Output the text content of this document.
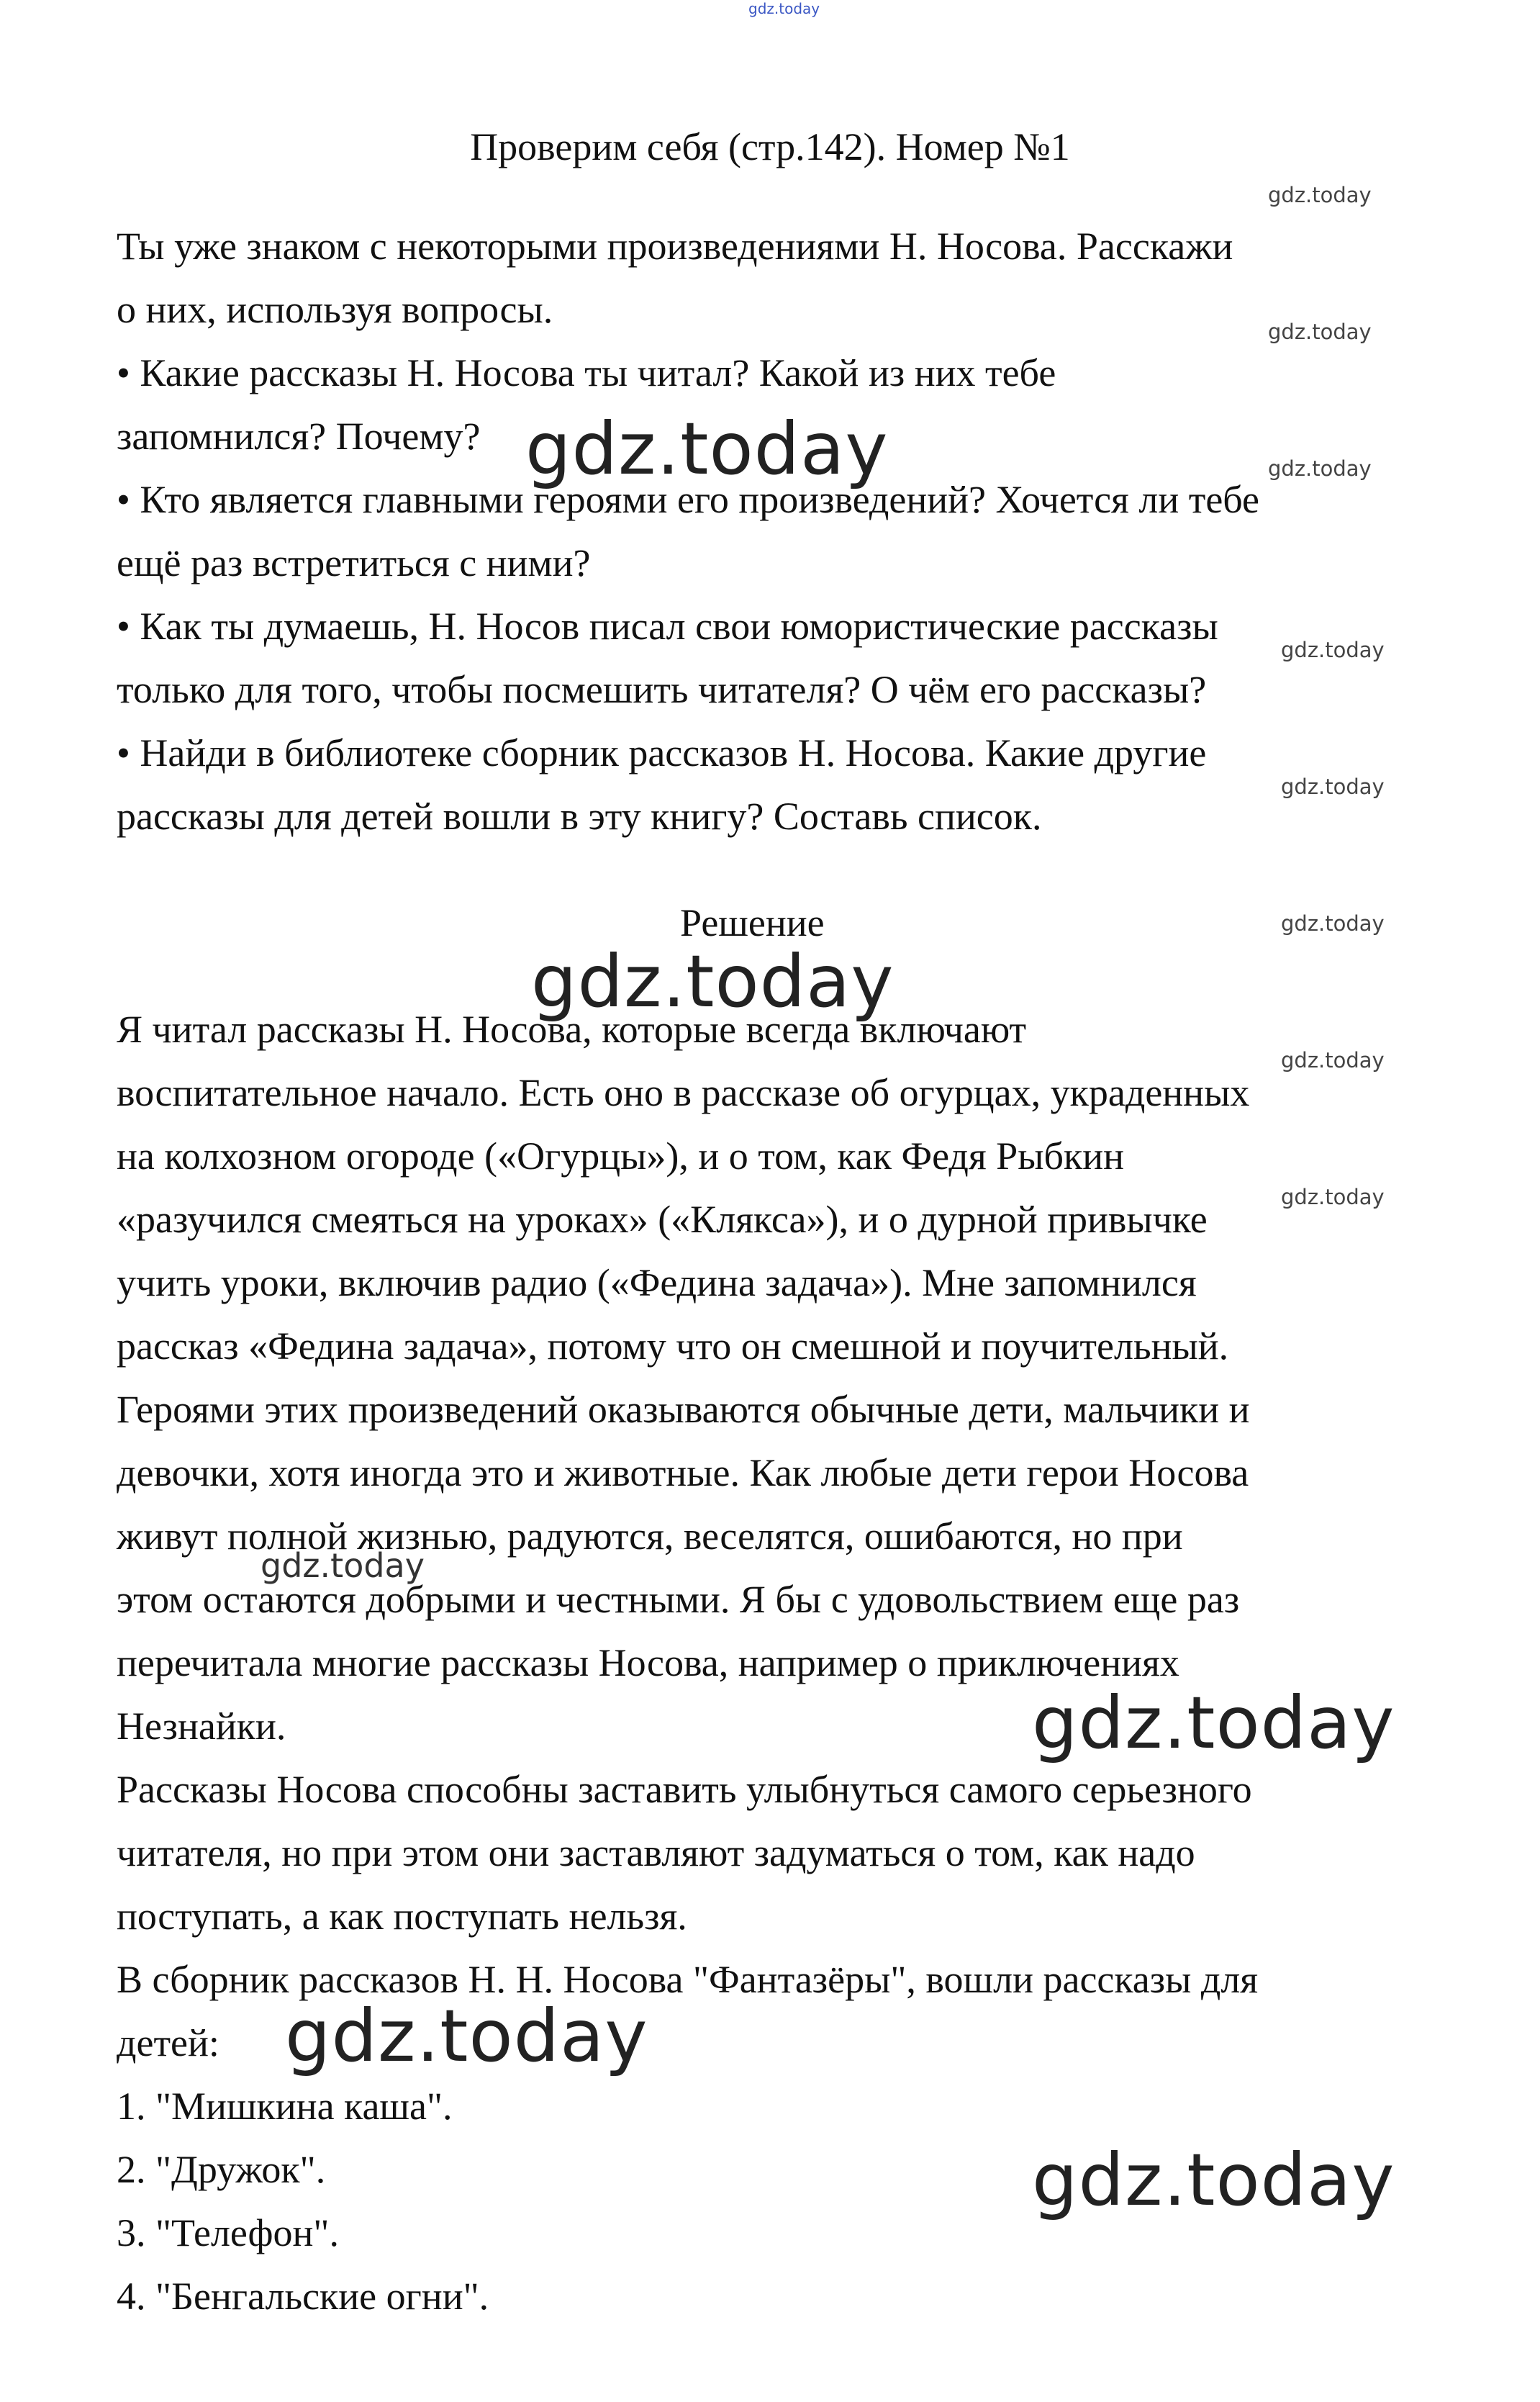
Проверим себя (стр.142). Номер №1
Ты уже знаком с некоторыми произведениями Н. Носова. Расскажи
о них, используя вопросы.
• Какие рассказы Н. Носова ты читал? Какой из них тебе
запомнился? Почему?
• Кто является главными героями его произведений? Хочется ли тебе
ещё раз встретиться с ними?
• Как ты думаешь, Н. Носов писал свои юмористические рассказы
только для того, чтобы посмешить читателя? О чём его рассказы?
• Найди в библиотеке сборник рассказов Н. Носова. Какие другие
рассказы для детей вошли в эту книгу? Составь список.
Решение
Я читал рассказы Н. Носова, которые всегда включают
воспитательное начало. Есть оно в рассказе об огурцах, украденных
на колхозном огороде («Огурцы»), и о том, как Федя Рыбкин
«разучился смеяться на уроках» («Клякса»), и о дурной привычке
учить уроки, включив радио («Федина задача»). Мне запомнился
рассказ «Федина задача», потому что он смешной и поучительный.
Героями этих произведений оказываются обычные дети, мальчики и
девочки, хотя иногда это и животные. Как любые дети герои Носова
живут полной жизнью, радуются, веселятся, ошибаются, но при
этом остаются добрыми и честными. Я бы с удовольствием еще раз
перечитала многие рассказы Носова, например о приключениях
Незнайки.
Рассказы Носова способны заставить улыбнуться самого серьезного
читателя, но при этом они заставляют задуматься о том, как надо
поступать, а как поступать нельзя.
В сборник рассказов Н. Н. Носова "Фантазёры", вошли рассказы для
детей:
1. "Мишкина каша".
2. "Дружок".
3. "Телефон".
4. "Бенгальские огни".
gdz.today
gdz.today
gdz.today
gdz.today
gdz.today
gdz.today
gdz.today
gdz.today
gdz.today
gdz.today
gdz.today
gdz.today
gdz.today
gdz.today
gdz.today
